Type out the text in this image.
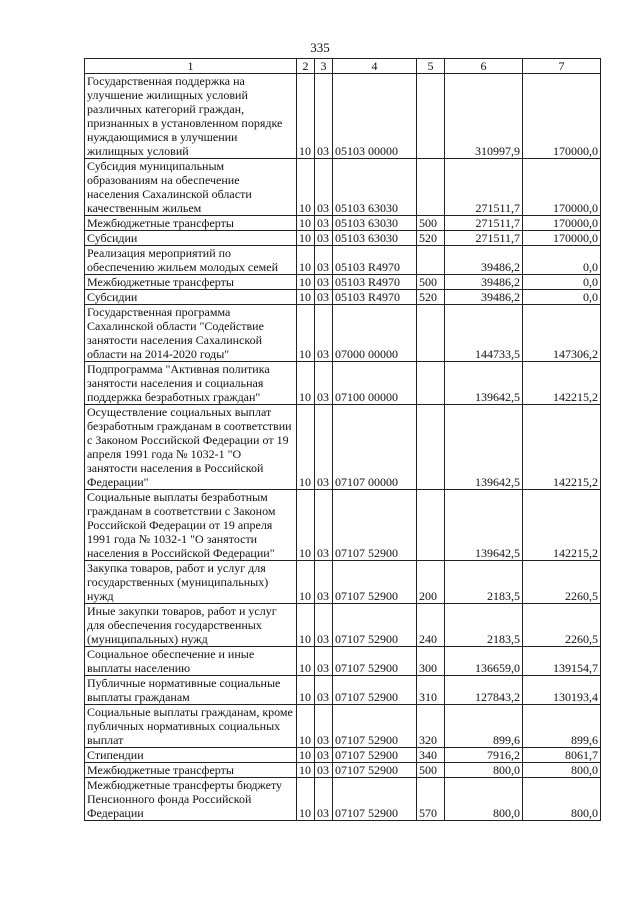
335
1	2	3	4	5	6	7
Государственная поддержка на улучшение жилищных условий различных категорий граждан, признанных в установленном порядке нуждающимися в улучшении жилищных условий	10	03	05103 00000		310997,9	170000,0
Субсидия муниципальным образованиям на обеспечение населения Сахалинской области качественным жильем	10	03	05103 63030		271511,7	170000,0
Межбюджетные трансферты	10	03	05103 63030	500	271511,7	170000,0
Субсидии	10	03	05103 63030	520	271511,7	170000,0
Реализация мероприятий по обеспечению жильем молодых семей	10	03	05103 R4970		39486,2	0,0
Межбюджетные трансферты	10	03	05103 R4970	500	39486,2	0,0
Субсидии	10	03	05103 R4970	520	39486,2	0,0
Государственная программа Сахалинской области "Содействие занятости населения Сахалинской области на 2014-2020 годы"	10	03	07000 00000		144733,5	147306,2
Подпрограмма "Активная политика занятости населения и социальная поддержка безработных граждан"	10	03	07100 00000		139642,5	142215,2
Осуществление социальных выплат безработным гражданам в соответствии с Законом Российской Федерации от 19 апреля 1991 года № 1032-1 "О занятости населения в Российской Федерации"	10	03	07107 00000		139642,5	142215,2
Социальные выплаты безработным гражданам в соответствии с Законом Российской Федерации от 19 апреля 1991 года № 1032-1 "О занятости населения в Российской Федерации"	10	03	07107 52900		139642,5	142215,2
Закупка товаров, работ и услуг для государственных (муниципальных) нужд	10	03	07107 52900	200	2183,5	2260,5
Иные закупки товаров, работ и услуг для обеспечения государственных (муниципальных) нужд	10	03	07107 52900	240	2183,5	2260,5
Социальное обеспечение и иные выплаты населению	10	03	07107 52900	300	136659,0	139154,7
Публичные нормативные социальные выплаты гражданам	10	03	07107 52900	310	127843,2	130193,4
Социальные выплаты гражданам, кроме публичных нормативных социальных выплат	10	03	07107 52900	320	899,6	899,6
Стипендии	10	03	07107 52900	340	7916,2	8061,7
Межбюджетные трансферты	10	03	07107 52900	500	800,0	800,0
Межбюджетные трансферты бюджету Пенсионного фонда Российской Федерации	10	03	07107 52900	570	800,0	800,0
